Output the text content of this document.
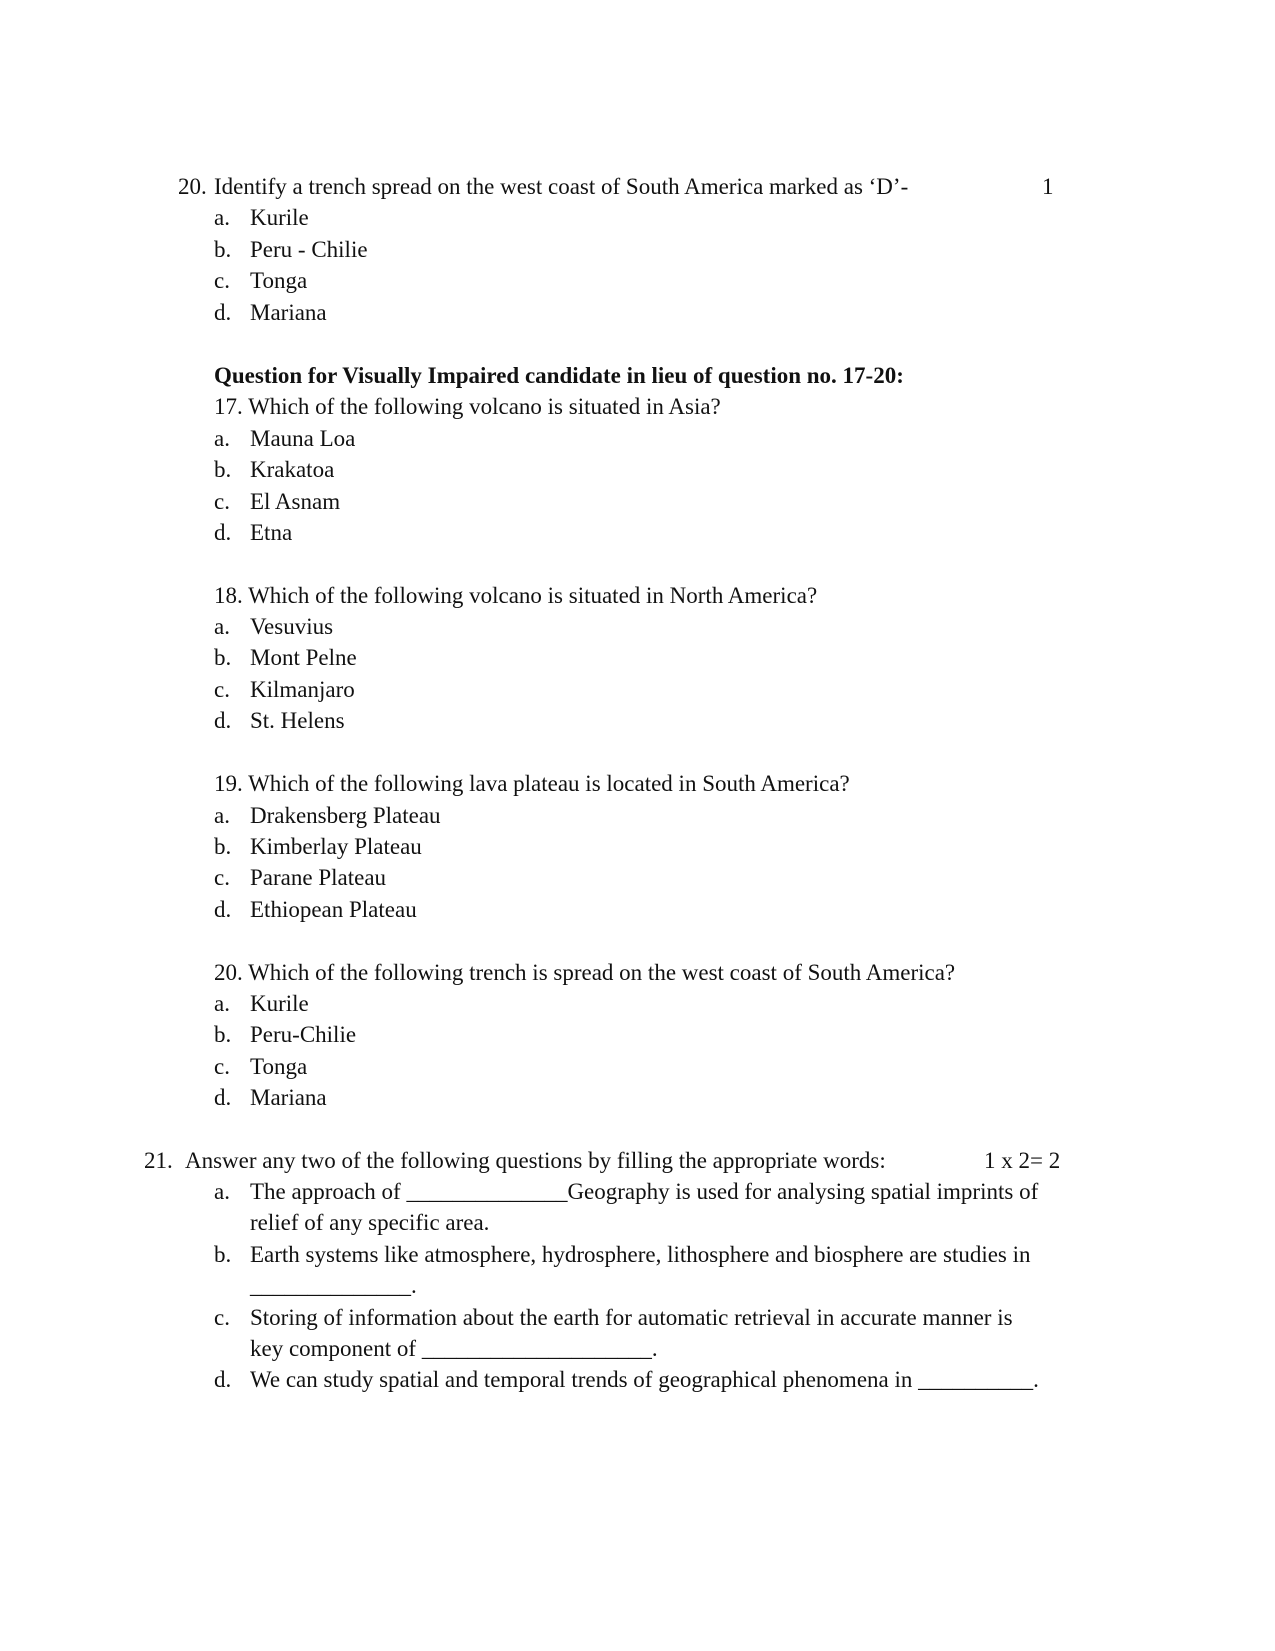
20. Identify a trench spread on the west coast of South America marked as ‘D’-	1
a. Kurile
b. Peru - Chilie
c. Tonga
d. Mariana
Question for Visually Impaired candidate in lieu of question no. 17-20:
17. Which of the following volcano is situated in Asia?
a. Mauna Loa
b. Krakatoa
c. El Asnam
d. Etna
18. Which of the following volcano is situated in North America?
a. Vesuvius
b. Mont Pelne
c. Kilmanjaro
d. St. Helens
19. Which of the following lava plateau is located in South America?
a. Drakensberg Plateau
b. Kimberlay Plateau
c. Parane Plateau
d. Ethiopean Plateau
20. Which of the following trench is spread on the west coast of South America?
a. Kurile
b. Peru-Chilie
c. Tonga
d. Mariana
21. Answer any two of the following questions by filling the appropriate words:	1 x 2= 2
a. The approach of ______________Geography is used for analysing spatial imprints of
relief of any specific area.
b. Earth systems like atmosphere, hydrosphere, lithosphere and biosphere are studies in
______________.
c. Storing of information about the earth for automatic retrieval in accurate manner is
key component of ____________________.
d. We can study spatial and temporal trends of geographical phenomena in __________.
